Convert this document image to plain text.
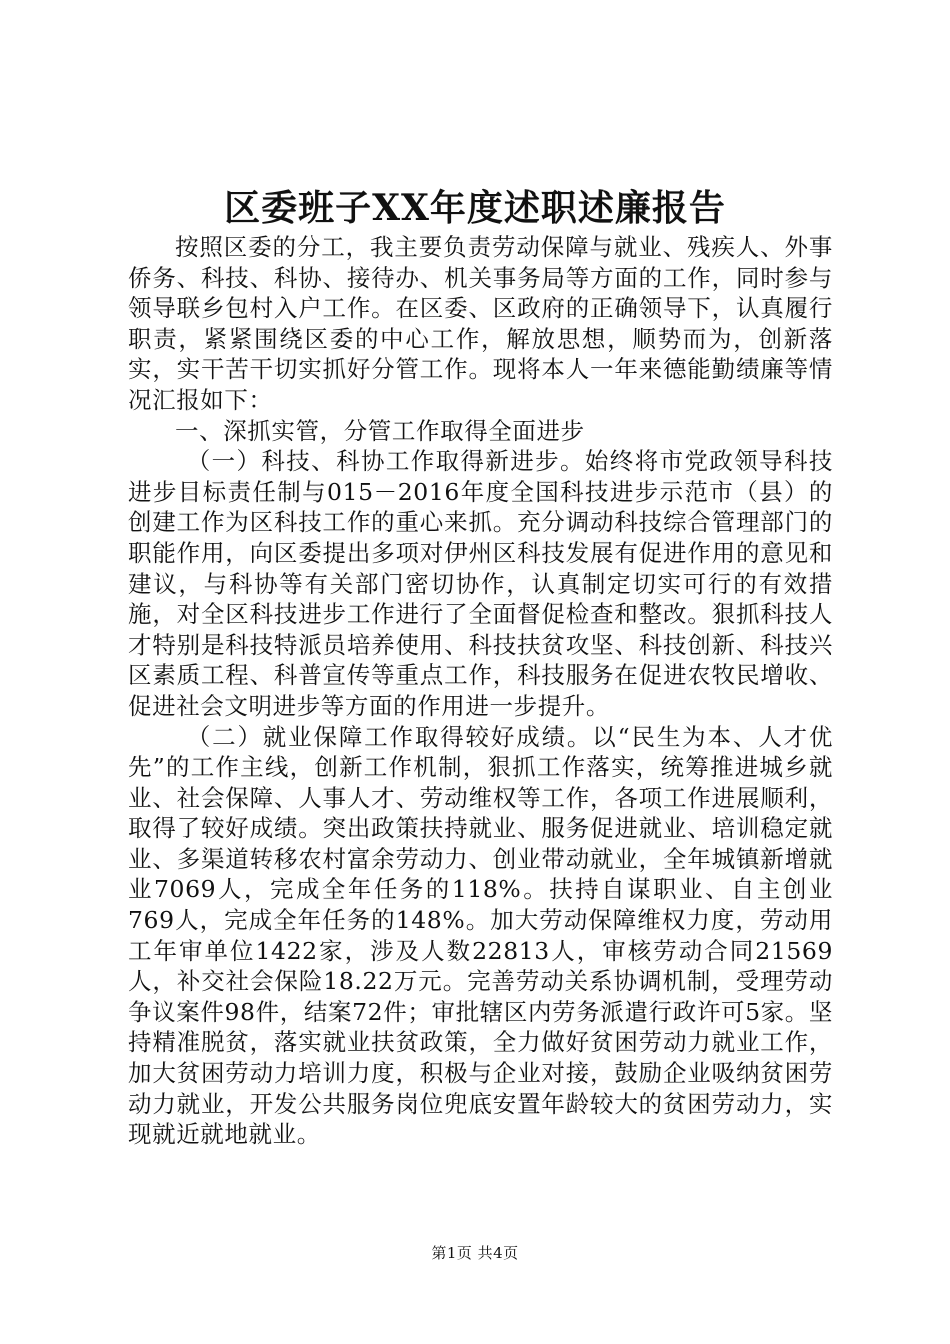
区委班子XX年度述职述廉报告

按照区委的分工，我主要负责劳动保障与就业、残疾人、外事侨务、科技、科协、接待办、机关事务局等方面的工作，同时参与领导联乡包村入户工作。在区委、区政府的正确领导下，认真履行职责，紧紧围绕区委的中心工作，解放思想，顺势而为，创新落实，实干苦干切实抓好分管工作。现将本人一年来德能勤绩廉等情况汇报如下：

一、深抓实管，分管工作取得全面进步

（一）科技、科协工作取得新进步。始终将市党政领导科技进步目标责任制与015－2016年度全国科技进步示范市（县）的创建工作为区科技工作的重心来抓。充分调动科技综合管理部门的职能作用，向区委提出多项对伊州区科技发展有促进作用的意见和建议，与科协等有关部门密切协作，认真制定切实可行的有效措施，对全区科技进步工作进行了全面督促检查和整改。狠抓科技人才特别是科技特派员培养使用、科技扶贫攻坚、科技创新、科技兴区素质工程、科普宣传等重点工作，科技服务在促进农牧民增收、促进社会文明进步等方面的作用进一步提升。

（二）就业保障工作取得较好成绩。以“民生为本、人才优先”的工作主线，创新工作机制，狠抓工作落实，统筹推进城乡就业、社会保障、人事人才、劳动维权等工作，各项工作进展顺利，取得了较好成绩。突出政策扶持就业、服务促进就业、培训稳定就业、多渠道转移农村富余劳动力、创业带动就业，全年城镇新增就业7069人，完成全年任务的118%。扶持自谋职业、自主创业769人，完成全年任务的148%。加大劳动保障维权力度，劳动用工年审单位1422家，涉及人数22813人，审核劳动合同21569人，补交社会保险18.22万元。完善劳动关系协调机制，受理劳动争议案件98件，结案72件；审批辖区内劳务派遣行政许可5家。坚持精准脱贫，落实就业扶贫政策，全力做好贫困劳动力就业工作，加大贫困劳动力培训力度，积极与企业对接，鼓励企业吸纳贫困劳动力就业，开发公共服务岗位兜底安置年龄较大的贫困劳动力，实现就近就地就业。

第1页 共4页
